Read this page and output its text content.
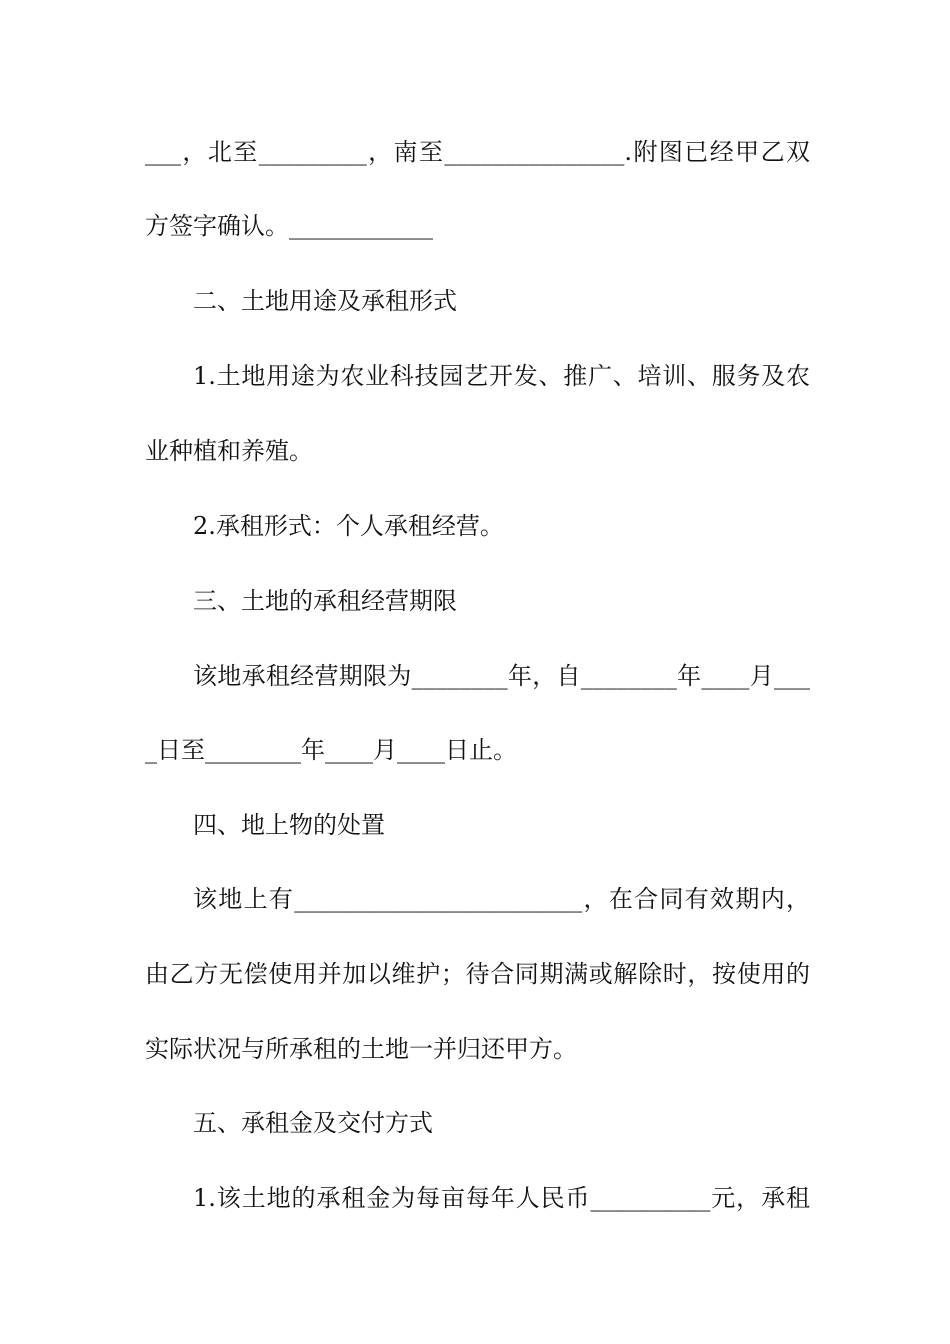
___，北至_________，南至_______________.附图已经甲乙双
方签字确认。____________
二、土地用途及承租形式
1.土地用途为农业科技园艺开发、推广、培训、服务及农
业种植和养殖。
2.承租形式：个人承租经营。
三、土地的承租经营期限
该地承租经营期限为________年，自________年____月___
_日至________年____月____日止。
四、地上物的处置
该地上有________________________，在合同有效期内，
由乙方无偿使用并加以维护；待合同期满或解除时，按使用的
实际状况与所承租的土地一并归还甲方。
五、承租金及交付方式
1.该土地的承租金为每亩每年人民币__________元，承租
